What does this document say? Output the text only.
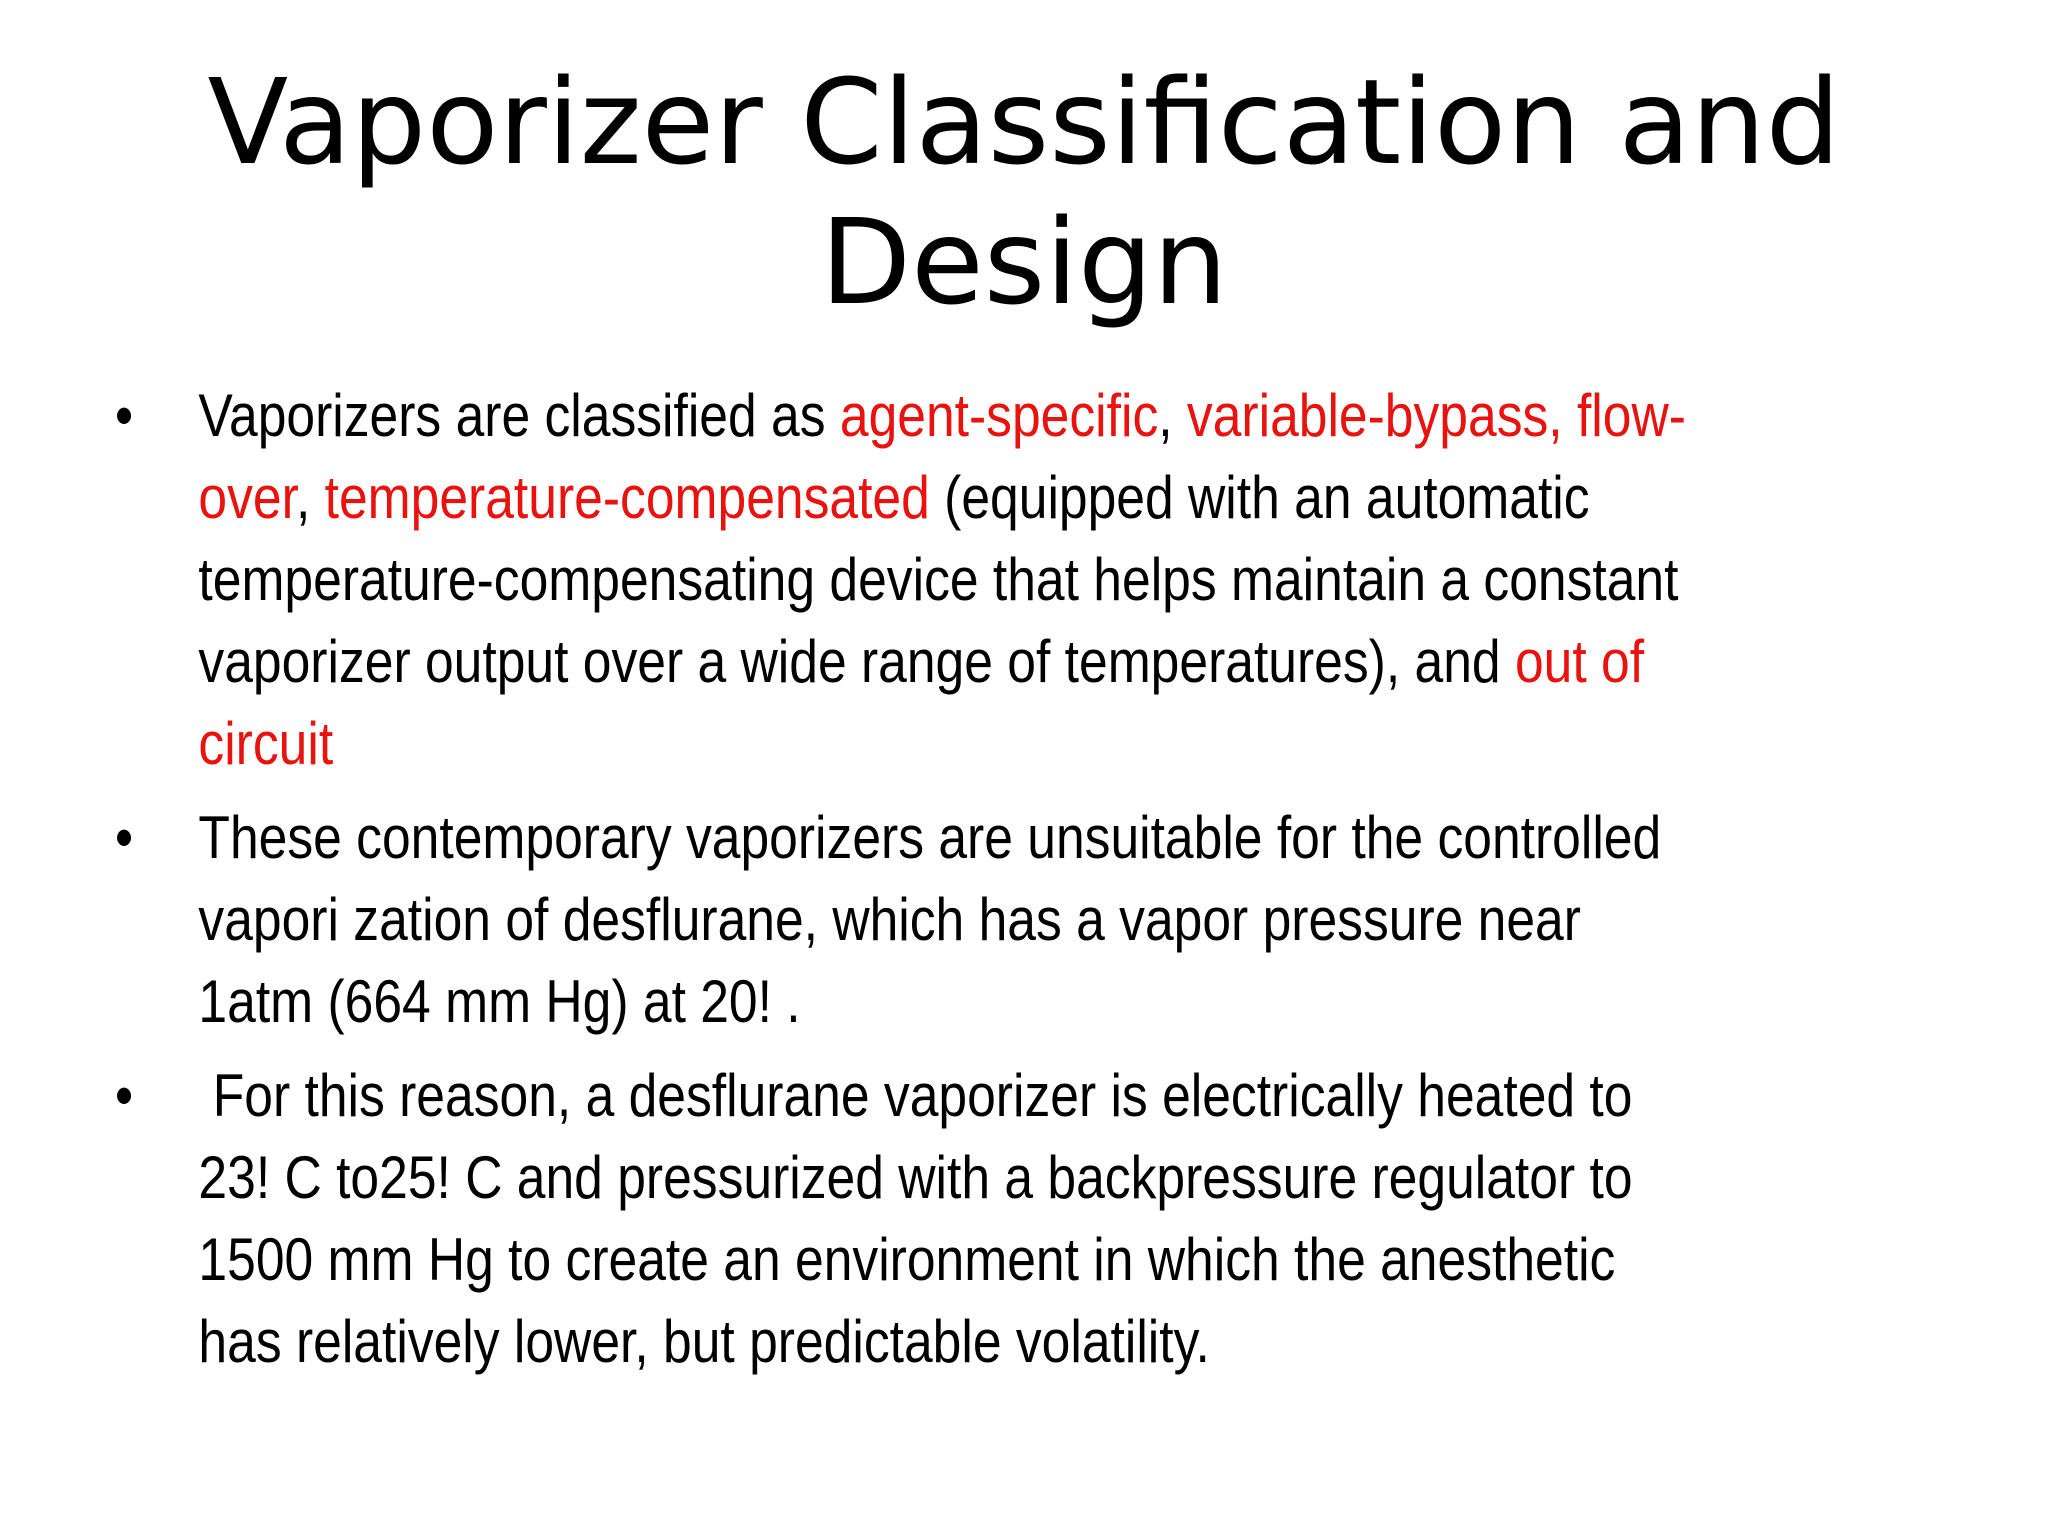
Vaporizer Classification and Design
• Vaporizers are classified as agent-specific, variable-bypass, flow-over, temperature-compensated (equipped with an automatic temperature-compensating device that helps maintain a constant vaporizer output over a wide range of temperatures), and out of circuit
• These contemporary vaporizers are unsuitable for the controlled vapori zation of desflurane, which has a vapor pressure near 1atm (664 mm Hg) at 20! .
• For this reason, a desflurane vaporizer is electrically heated to 23! C to25! C and pressurized with a backpressure regulator to 1500 mm Hg to create an environment in which the anesthetic has relatively lower, but predictable volatility.
